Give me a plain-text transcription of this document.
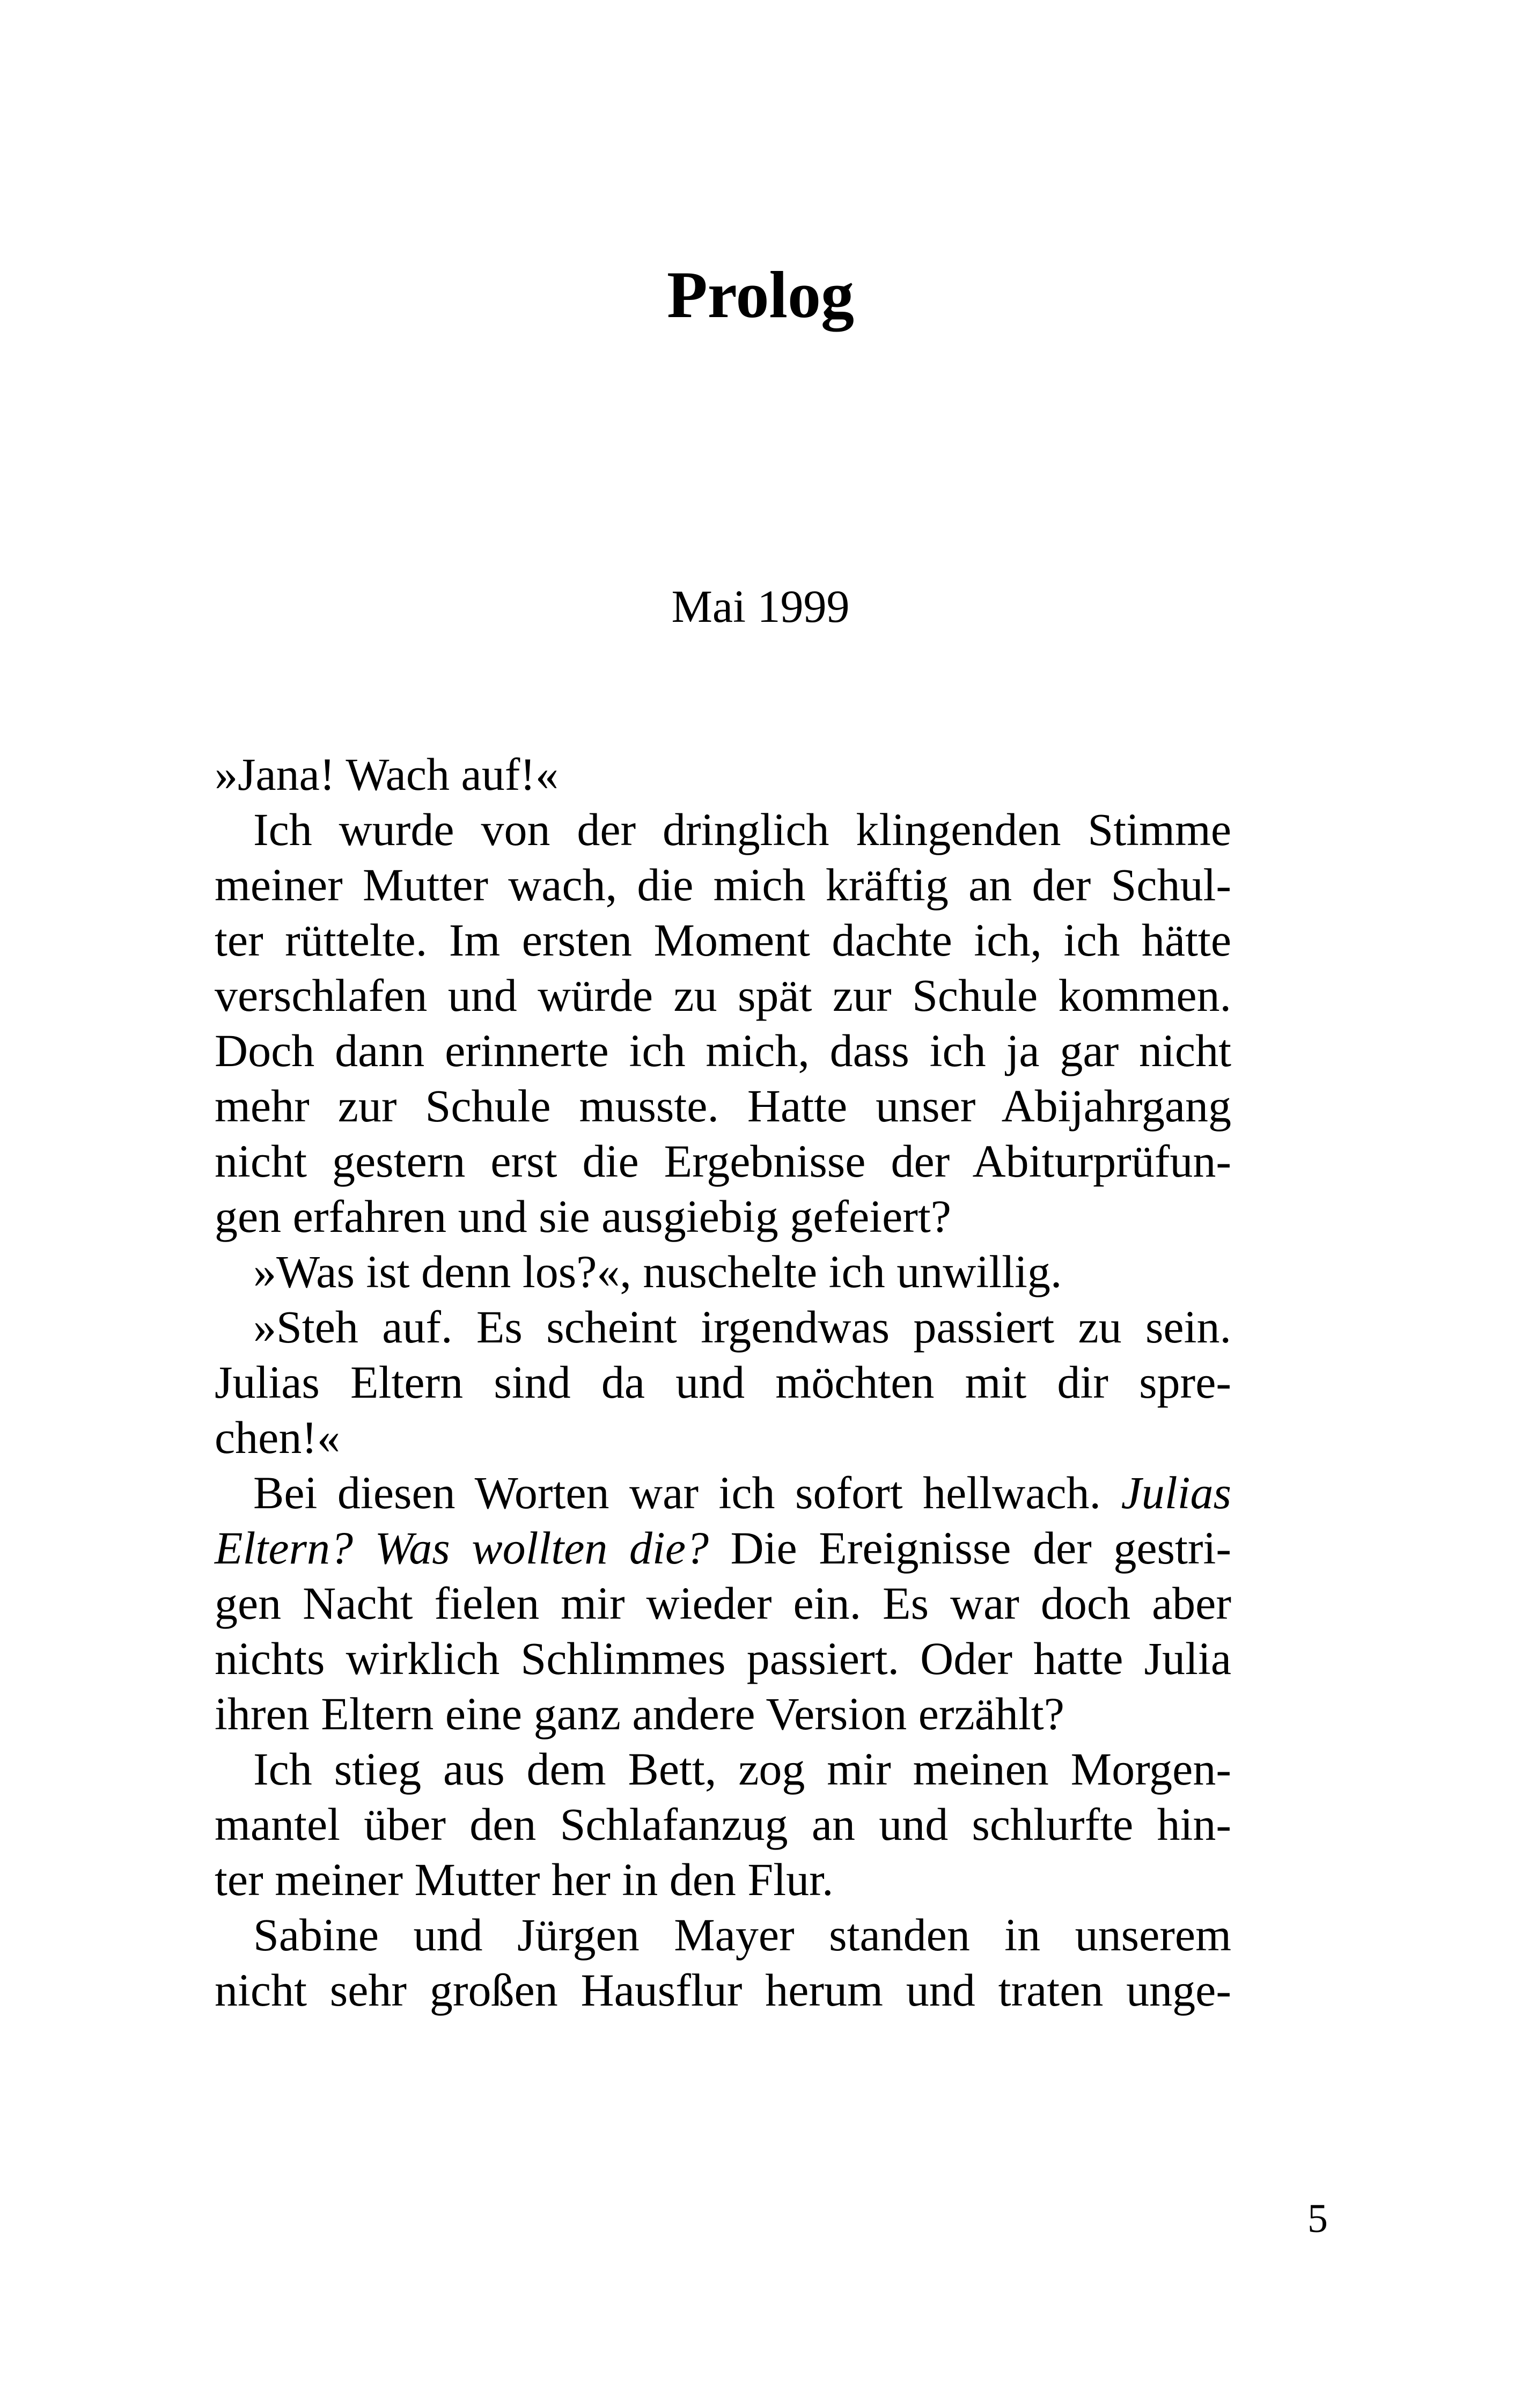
Prolog
Mai 1999
»Jana! Wach auf!«
Ich wurde von der dringlich klingenden Stimme
meiner Mutter wach, die mich kräftig an der Schul-
ter rüttelte. Im ersten Moment dachte ich, ich hätte
verschlafen und würde zu spät zur Schule kommen.
Doch dann erinnerte ich mich, dass ich ja gar nicht
mehr zur Schule musste. Hatte unser Abijahrgang
nicht gestern erst die Ergebnisse der Abiturprüfun-
gen erfahren und sie ausgiebig gefeiert?
»Was ist denn los?«, nuschelte ich unwillig.
»Steh auf. Es scheint irgendwas passiert zu sein.
Julias Eltern sind da und möchten mit dir spre-
chen!«
Bei diesen Worten war ich sofort hellwach. Julias
Eltern? Was wollten die? Die Ereignisse der gestri-
gen Nacht fielen mir wieder ein. Es war doch aber
nichts wirklich Schlimmes passiert. Oder hatte Julia
ihren Eltern eine ganz andere Version erzählt?
Ich stieg aus dem Bett, zog mir meinen Morgen-
mantel über den Schlafanzug an und schlurfte hin-
ter meiner Mutter her in den Flur.
Sabine und Jürgen Mayer standen in unserem
nicht sehr großen Hausflur herum und traten unge-
5
